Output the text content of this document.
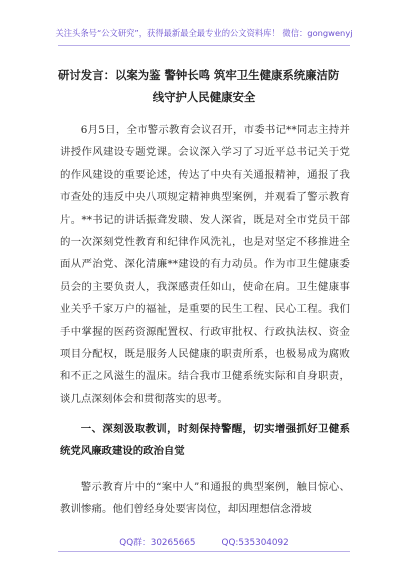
关注头条号“公文研究”，获得最新最全最专业的公文资料库！ 微信：gongwenyj
研讨发言：以案为鉴 警钟长鸣 筑牢卫生健康系统廉洁防
线守护人民健康安全

6月5日，全市警示教育会议召开，市委书记**同志主持并讲授作风建设专题党课。会议深入学习了习近平总书记关于党的作风建设的重要论述，传达了中央有关通报精神，通报了我市查处的违反中央八项规定精神典型案例，并观看了警示教育片。**书记的讲话振聋发聩、发人深省，既是对全市党员干部的一次深刻党性教育和纪律作风洗礼，也是对坚定不移推进全面从严治党、深化清廉**建设的有力动员。作为市卫生健康委员会的主要负责人，我深感责任如山，使命在肩。卫生健康事业关乎千家万户的福祉，是重要的民生工程、民心工程。我们手中掌握的医药资源配置权、行政审批权、行政执法权、资金项目分配权，既是服务人民健康的职责所系，也极易成为腐败和不正之风滋生的温床。结合我市卫健系统实际和自身职责，谈几点深刻体会和贯彻落实的思考。

一、深刻汲取教训，时刻保持警醒，切实增强抓好卫健系统党风廉政建设的政治自觉

警示教育片中的“案中人”和通报的典型案例，触目惊心、教训惨痛。他们曾经身处要害岗位，却因理想信念滑坡

QQ群：30265665	QQ:535304092
